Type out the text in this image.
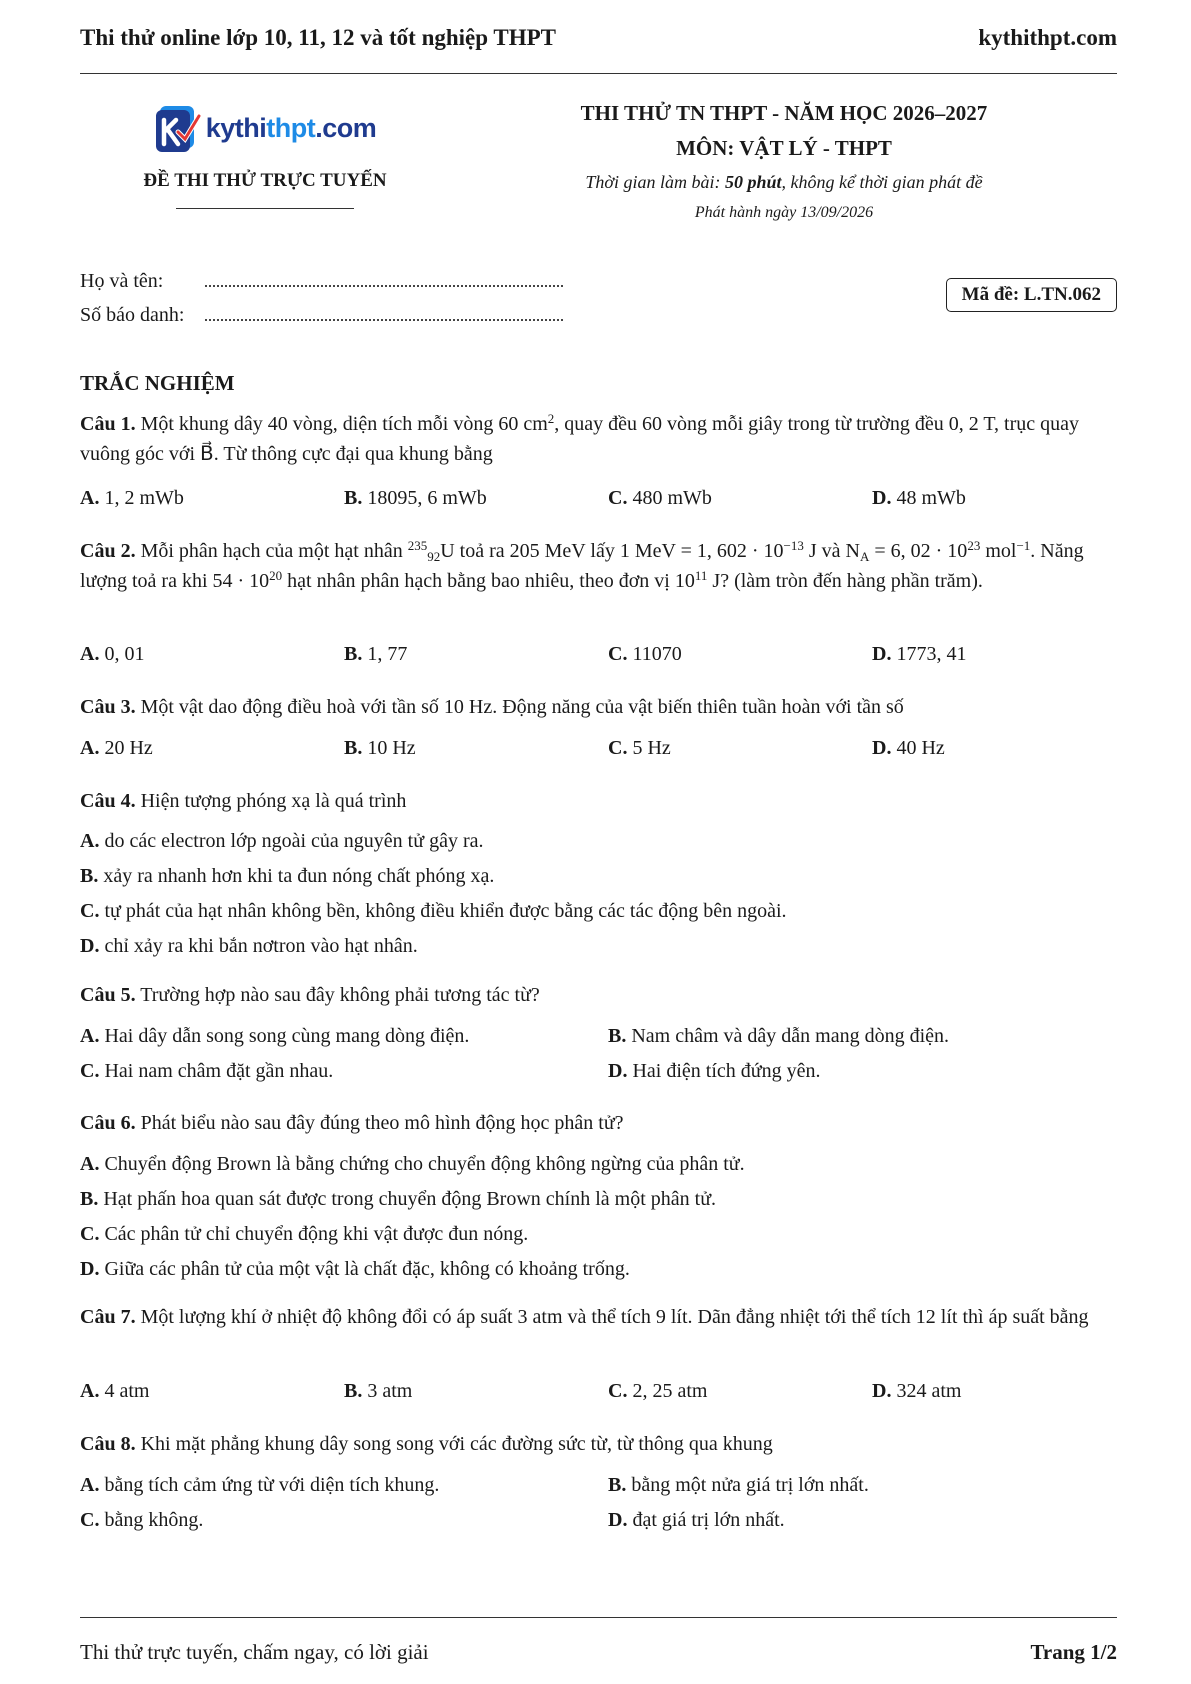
Thi thử online lớp 10, 11, 12 và tốt nghiệp THPT	kythithpt.com
kythithpt.com
ĐỀ THI THỬ TRỰC TUYẾN
THI THỬ TN THPT - NĂM HỌC 2026–2027
MÔN: VẬT LÝ - THPT
Thời gian làm bài: 50 phút, không kể thời gian phát đề
Phát hành ngày 13/09/2026
Họ và tên:
Số báo danh:
Mã đề: L.TN.062
TRẮC NGHIỆM
Câu 1. Một khung dây 40 vòng, diện tích mỗi vòng 60 $cm^2$, quay đều 60 vòng mỗi giây trong từ trường đều 0, 2 T, trục quay vuông góc với B⃗. Từ thông cực đại qua khung bằng
A. 1, 2 mWb	B. 18095, 6 mWb	C. 480 mWb	D. 48 mWb
Câu 2. Mỗi phân hạch của một hạt nhân $^{235}_{92}$U toả ra 205 MeV lấy 1 MeV = 1, $602 \cdot 10^{-13}$ J và $N_A = 6$, $02 \cdot 10^{23}$ mol$^{-1}$. Năng lượng toả ra khi $54 \cdot 10^{20}$ hạt nhân phân hạch bằng bao nhiêu, theo đơn vị $10^{11}$ J? (làm tròn đến hàng phần trăm).
A. 0, 01	B. 1, 77	C. 11070	D. 1773, 41
Câu 3. Một vật dao động điều hoà với tần số 10 Hz. Động năng của vật biến thiên tuần hoàn với tần số
A. 20 Hz	B. 10 Hz	C. 5 Hz	D. 40 Hz
Câu 4. Hiện tượng phóng xạ là quá trình
A. do các electron lớp ngoài của nguyên tử gây ra.
B. xảy ra nhanh hơn khi ta đun nóng chất phóng xạ.
C. tự phát của hạt nhân không bền, không điều khiển được bằng các tác động bên ngoài.
D. chỉ xảy ra khi bắn nơtron vào hạt nhân.
Câu 5. Trường hợp nào sau đây không phải tương tác từ?
A. Hai dây dẫn song song cùng mang dòng điện.	B. Nam châm và dây dẫn mang dòng điện.
C. Hai nam châm đặt gần nhau.	D. Hai điện tích đứng yên.
Câu 6. Phát biểu nào sau đây đúng theo mô hình động học phân tử?
A. Chuyển động Brown là bằng chứng cho chuyển động không ngừng của phân tử.
B. Hạt phấn hoa quan sát được trong chuyển động Brown chính là một phân tử.
C. Các phân tử chỉ chuyển động khi vật được đun nóng.
D. Giữa các phân tử của một vật là chất đặc, không có khoảng trống.
Câu 7. Một lượng khí ở nhiệt độ không đổi có áp suất 3 atm và thể tích 9 lít. Dãn đẳng nhiệt tới thể tích 12 lít thì áp suất bằng
A. 4 atm	B. 3 atm	C. 2, 25 atm	D. 324 atm
Câu 8. Khi mặt phẳng khung dây song song với các đường sức từ, từ thông qua khung
A. bằng tích cảm ứng từ với diện tích khung.	B. bằng một nửa giá trị lớn nhất.
C. bằng không.	D. đạt giá trị lớn nhất.
Thi thử trực tuyến, chấm ngay, có lời giải	Trang 1/2
